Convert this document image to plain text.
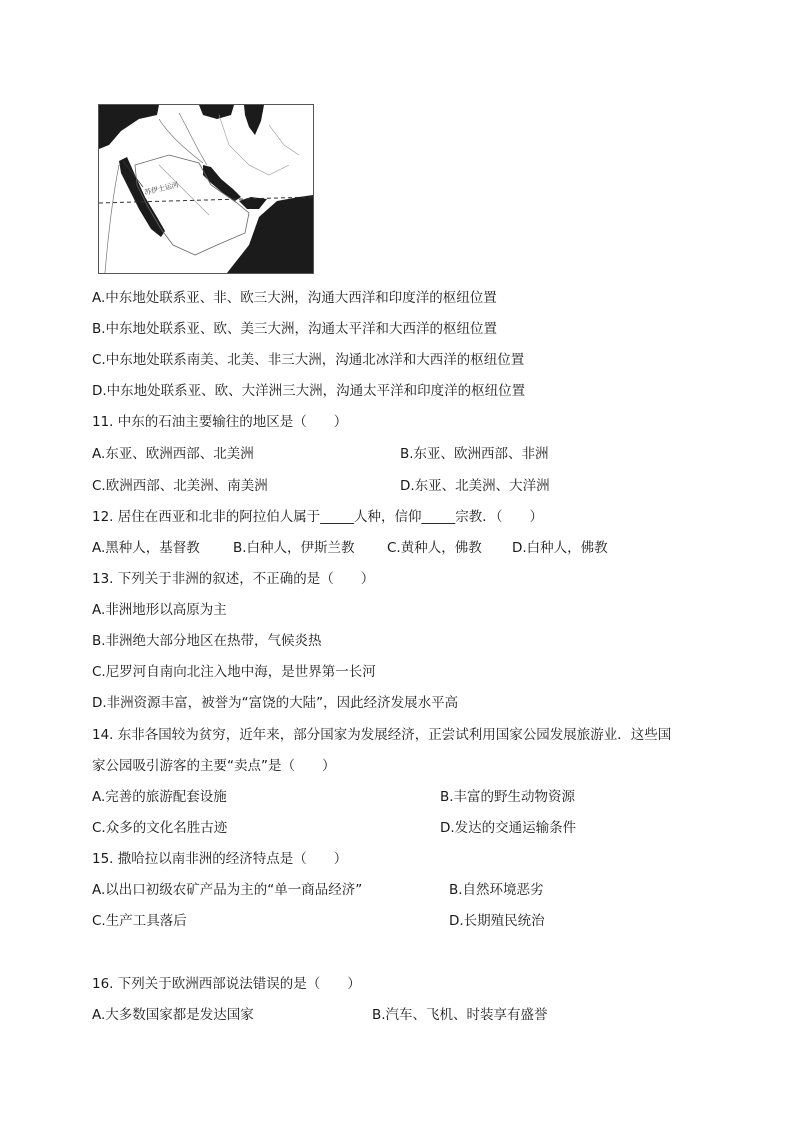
苏伊士运河
A.中东地处联系亚、非、欧三大洲，沟通大西洋和印度洋的枢纽位置
B.中东地处联系亚、欧、美三大洲，沟通太平洋和大西洋的枢纽位置
C.中东地处联系南美、北美、非三大洲，沟通北冰洋和大西洋的枢纽位置
D.中东地处联系亚、欧、大洋洲三大洲，沟通太平洋和印度洋的枢纽位置
11. 中东的石油主要输往的地区是（　　）
A.东亚、欧洲西部、北美洲	B.东亚、欧洲西部、非洲
C.欧洲西部、北美洲、南美洲	D.东亚、北美洲、大洋洲
12. 居住在西亚和北非的阿拉伯人属于_____人种，信仰_____宗教．（　　）
A.黑种人，基督教 B.白种人，伊斯兰教 C.黄种人，佛教 D.白种人，佛教
13. 下列关于非洲的叙述，不正确的是（　　）
A.非洲地形以高原为主
B.非洲绝大部分地区在热带，气候炎热
C.尼罗河自南向北注入地中海，是世界第一长河
D.非洲资源丰富，被誉为“富饶的大陆”，因此经济发展水平高
14. 东非各国较为贫穷，近年来，部分国家为发展经济，正尝试利用国家公园发展旅游业．这些国
家公园吸引游客的主要“卖点”是（　　）
A.完善的旅游配套设施	B.丰富的野生动物资源
C.众多的文化名胜古迹	D.发达的交通运输条件
15. 撒哈拉以南非洲的经济特点是（　　）
A.以出口初级农矿产品为主的“单一商品经济”	B.自然环境恶劣
C.生产工具落后	D.长期殖民统治
16. 下列关于欧洲西部说法错误的是（　　）
A.大多数国家都是发达国家	B.汽车、飞机、时装享有盛誉
